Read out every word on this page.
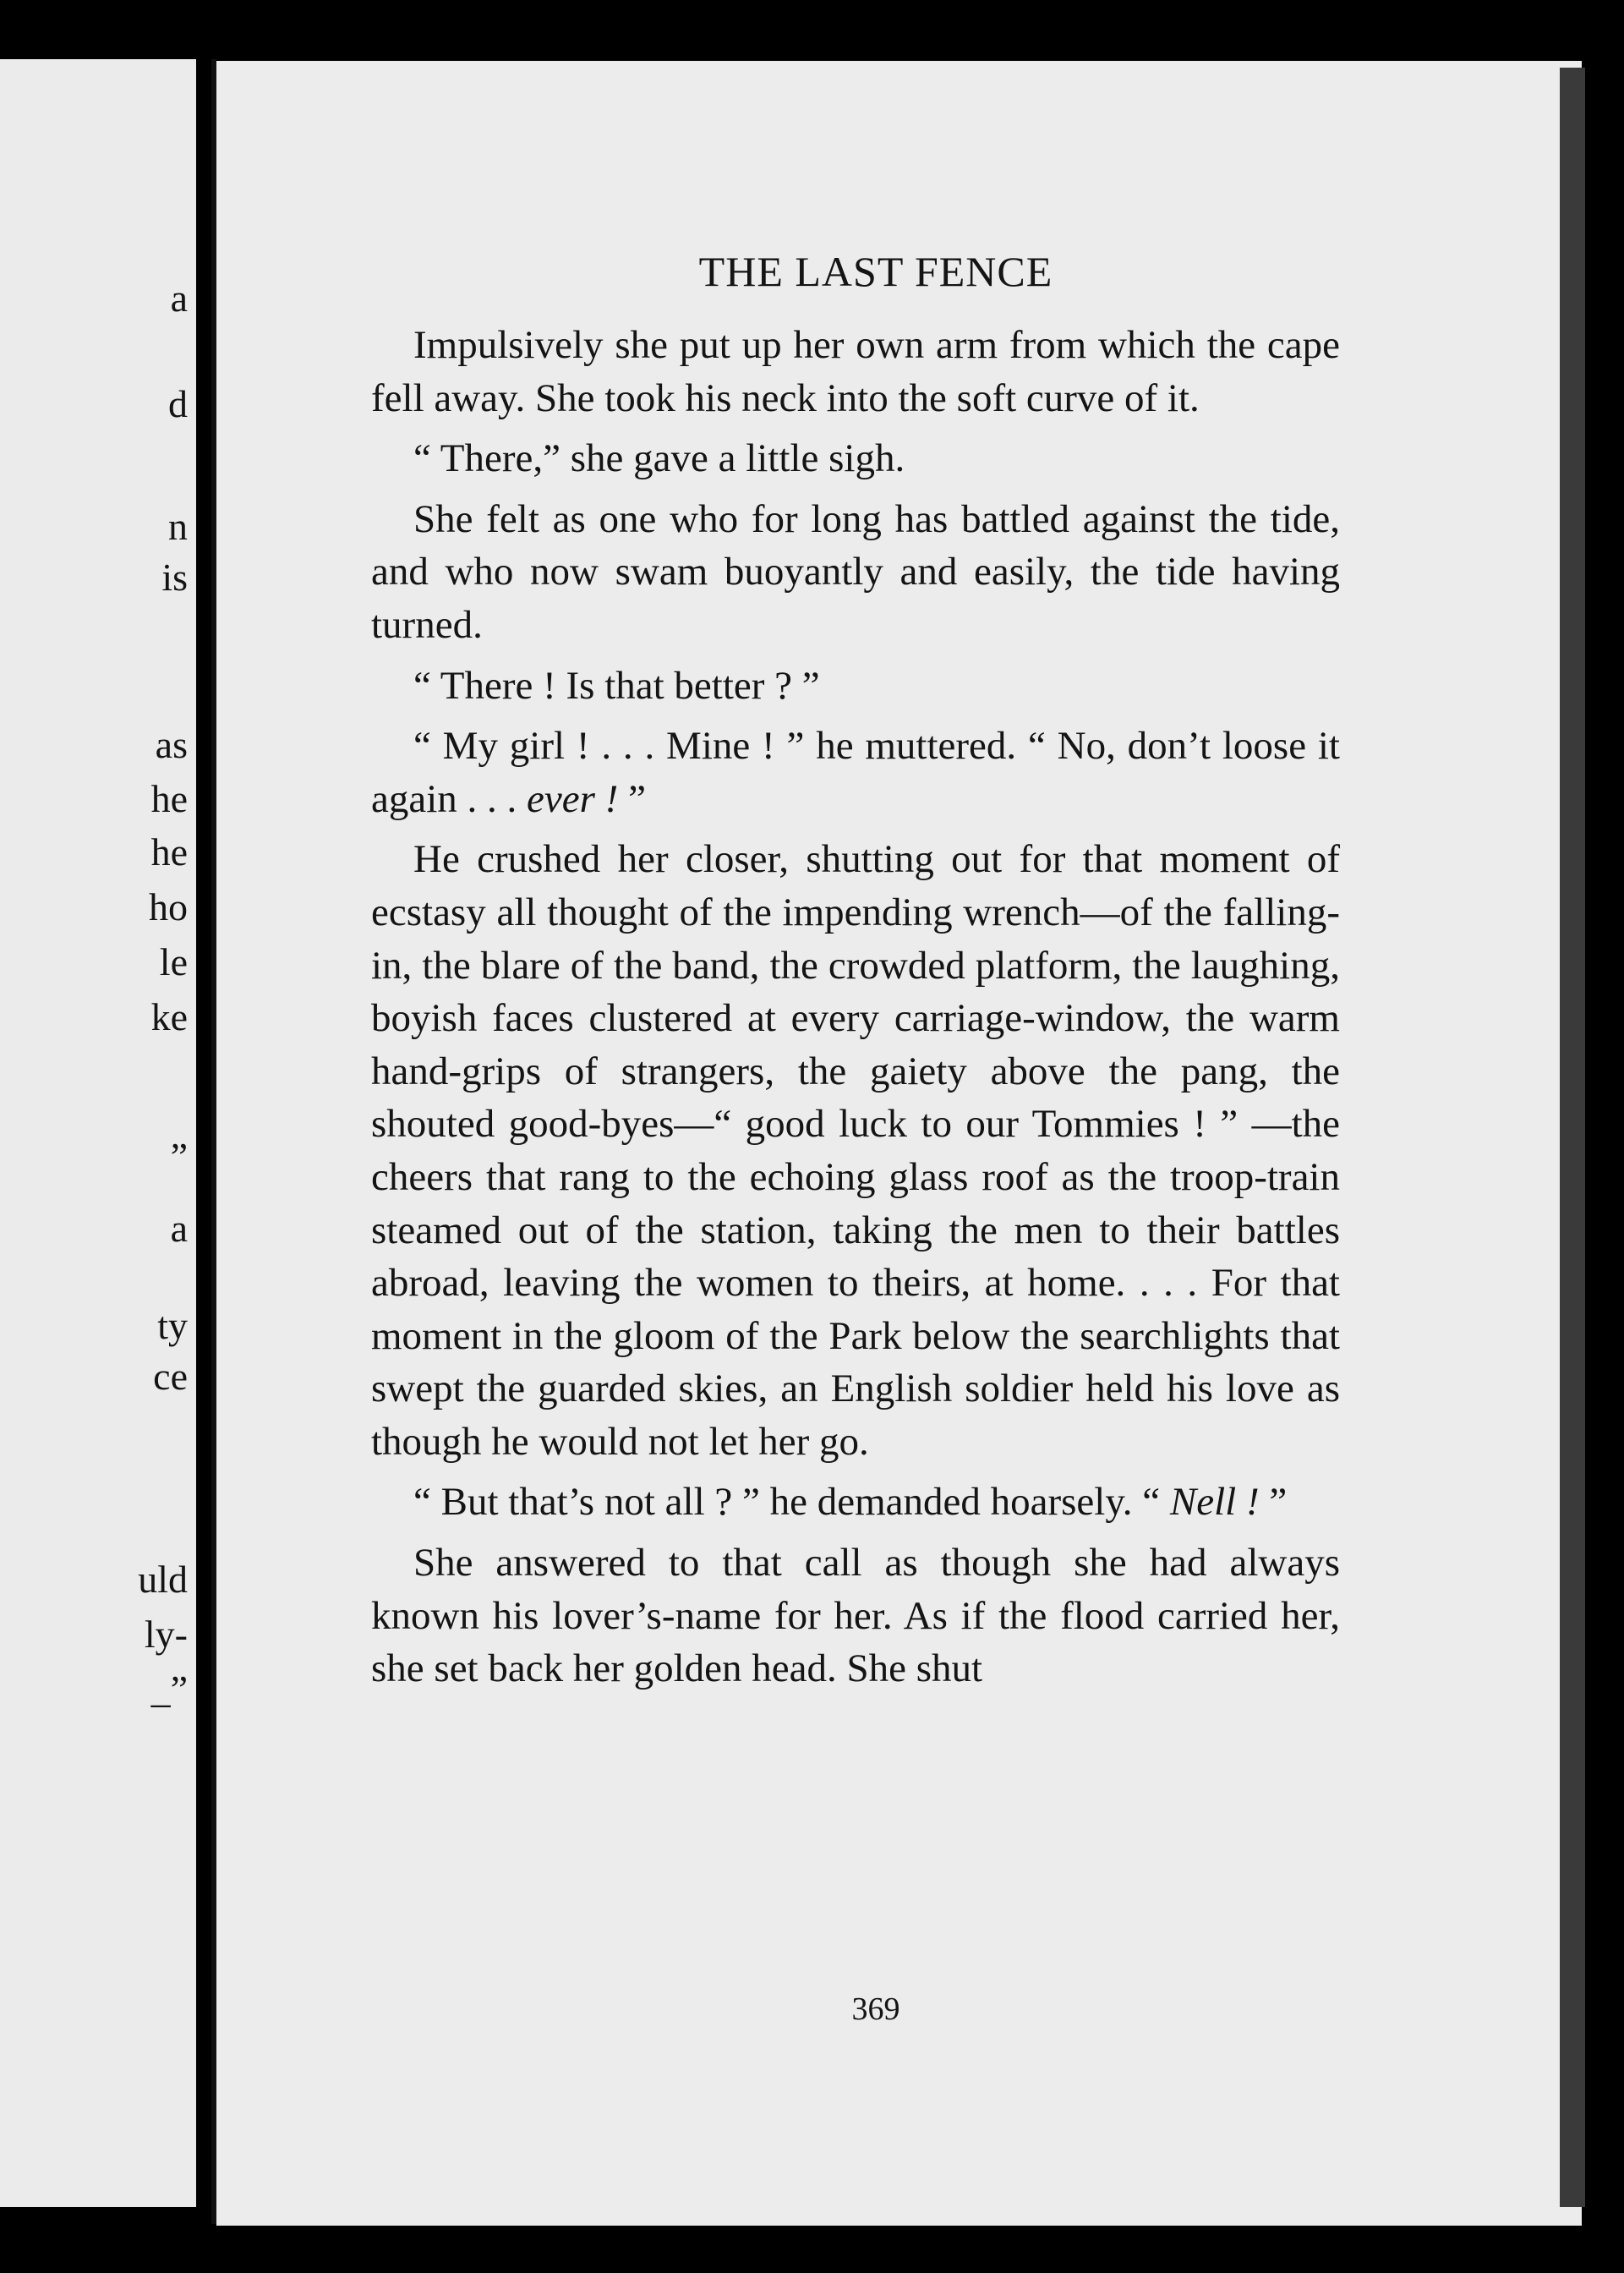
a
d
n
is
as
he
he
ho
le
ke
”
a
ty
ce
uld
ly-
_”
THE LAST FENCE

Impulsively she put up her own arm from which the cape fell away. She took his neck into the soft curve of it.

“ There,” she gave a little sigh.

She felt as one who for long has battled against the tide, and who now swam buoyantly and easily, the tide having turned.

“ There ! Is that better ? ”

“ My girl ! . . . Mine ! ” he muttered. “ No, don’t loose it again . . . ever ! ”

He crushed her closer, shutting out for that moment of ecstasy all thought of the impending wrench—of the falling-in, the blare of the band, the crowded platform, the laughing, boyish faces clustered at every carriage-window, the warm hand-grips of strangers, the gaiety above the pang, the shouted good-byes—“ good luck to our Tommies ! ” —the cheers that rang to the echoing glass roof as the troop-train steamed out of the station, taking the men to their battles abroad, leaving the women to theirs, at home. . . . For that moment in the gloom of the Park below the searchlights that swept the guarded skies, an English soldier held his love as though he would not let her go.

“ But that’s not all ? ” he demanded hoarsely. “ Nell ! ”

She answered to that call as though she had always known his lover’s-name for her. As if the flood carried her, she set back her golden head. She shut

369
